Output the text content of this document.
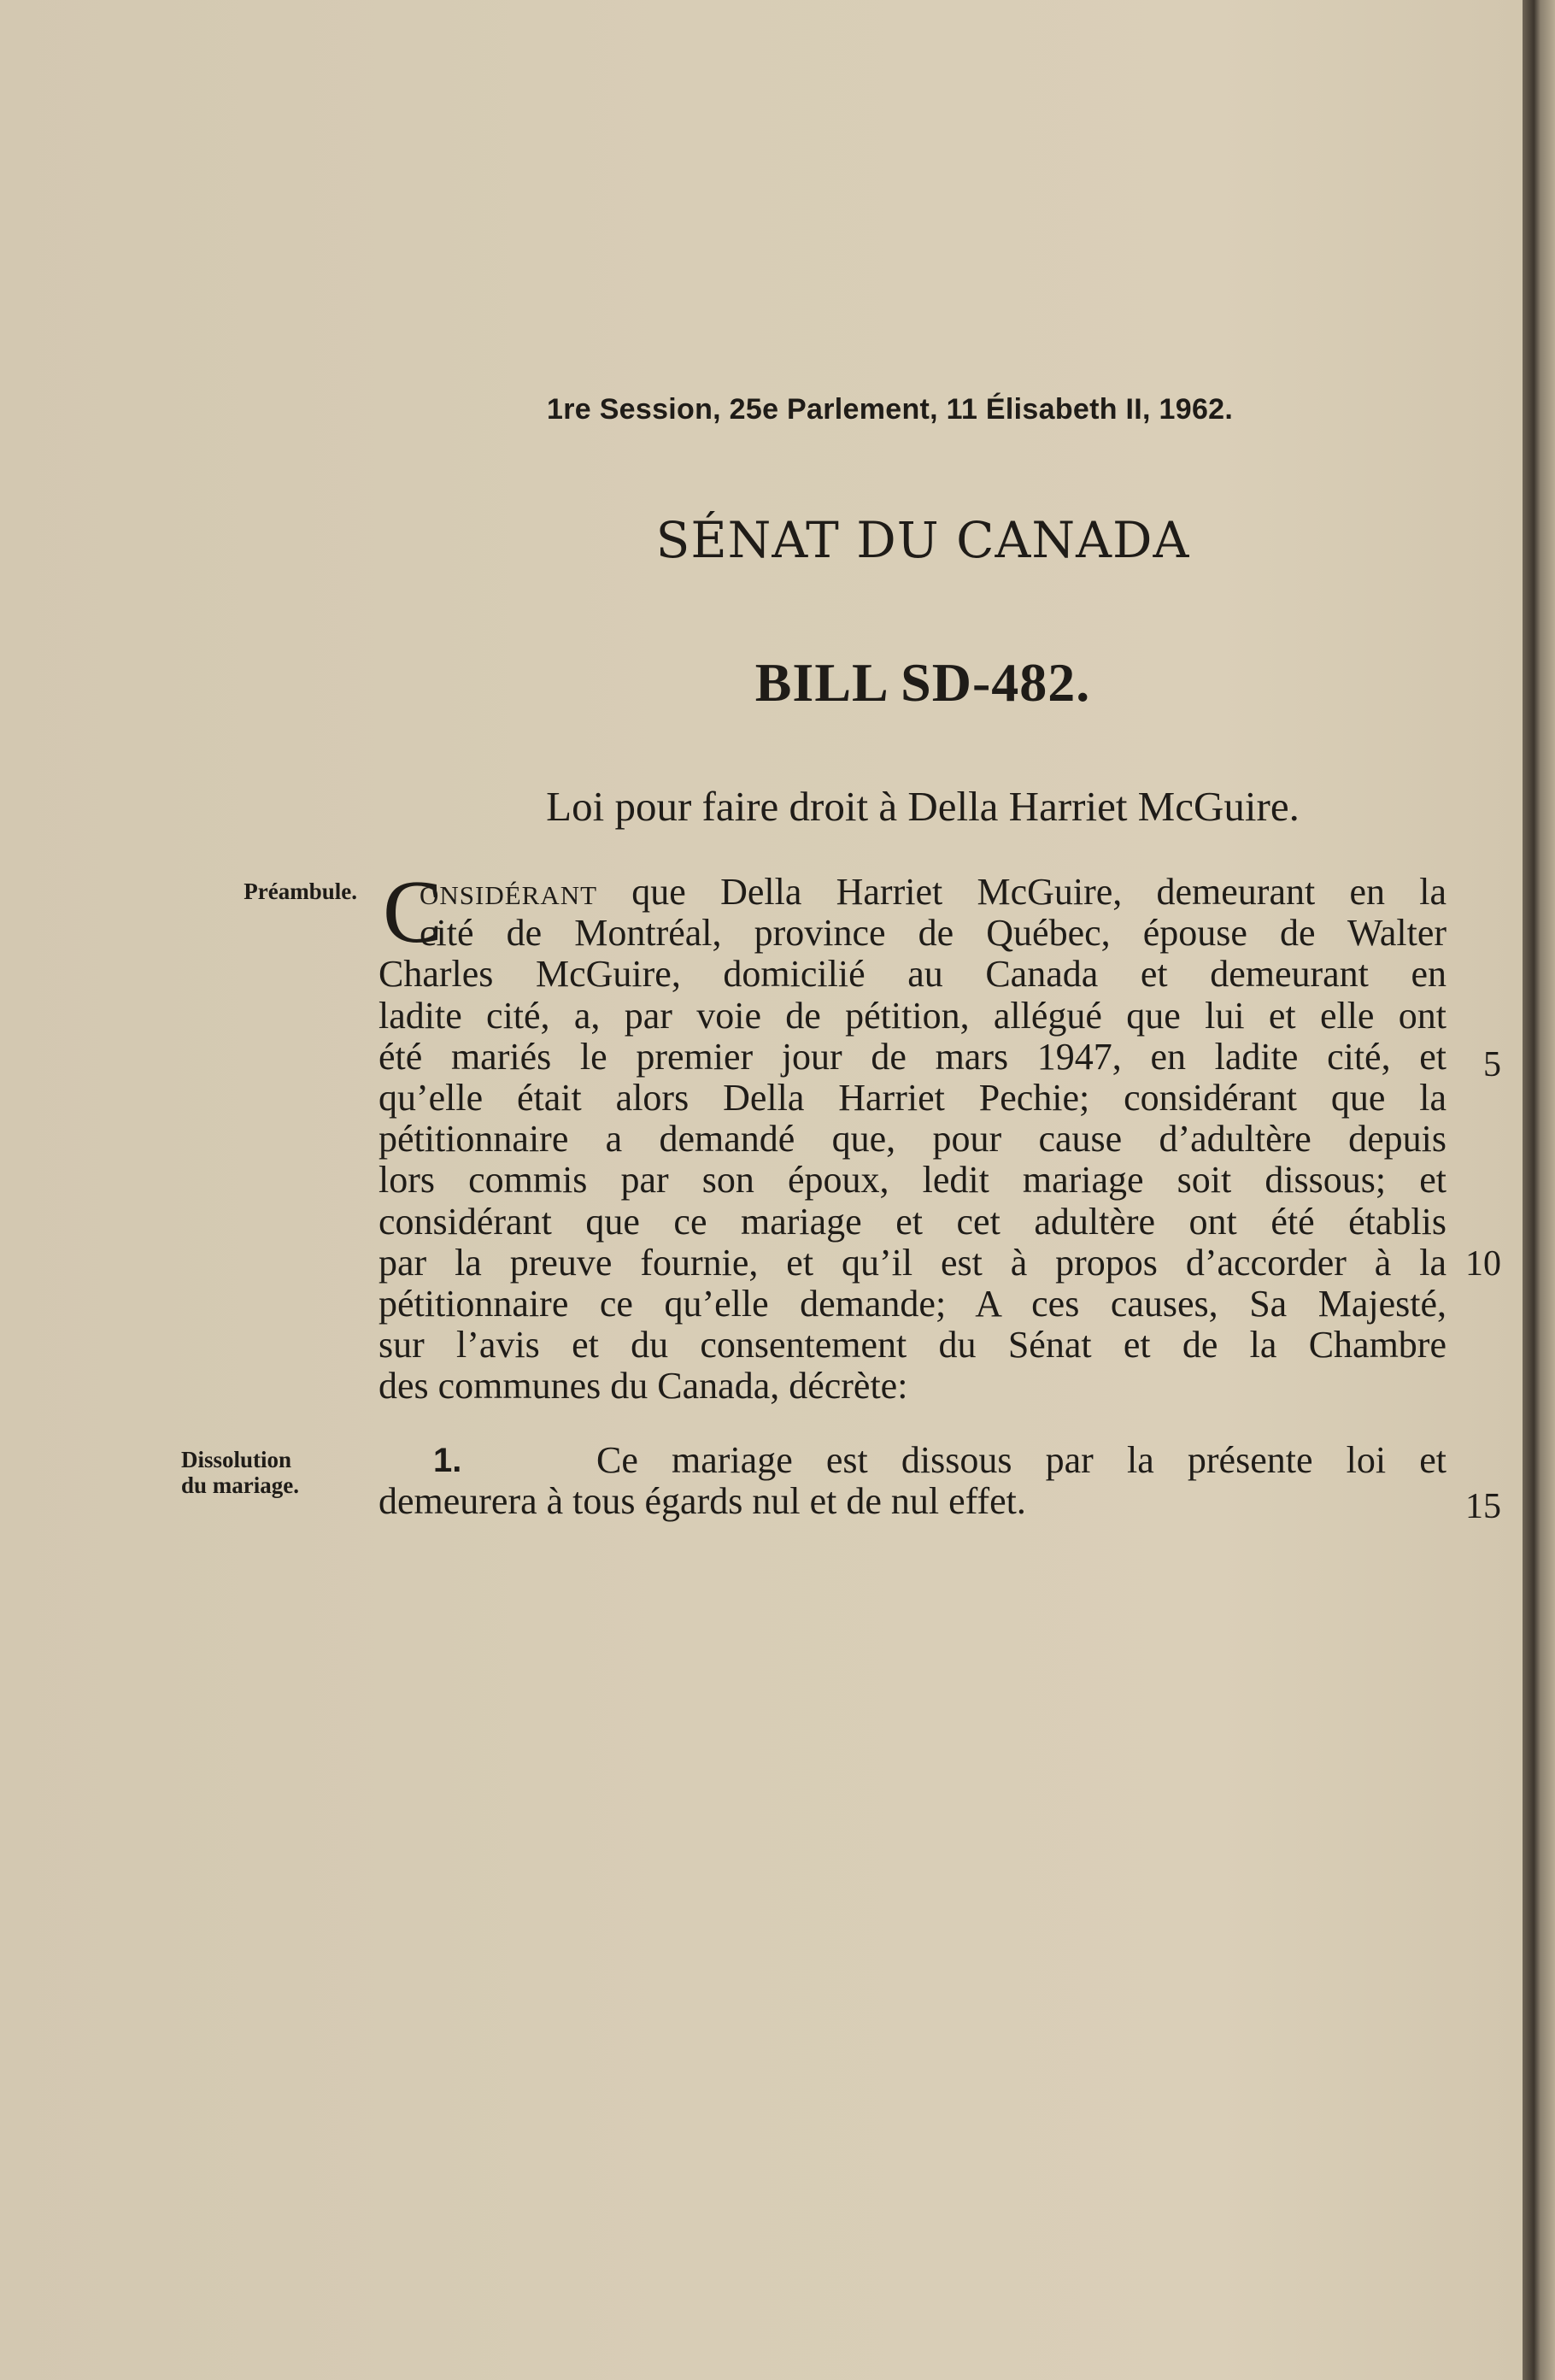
1re Session, 25e Parlement, 11 Élisabeth II, 1962.
SÉNAT DU CANADA
BILL SD-482.
Loi pour faire droit à Della Harriet McGuire.
Préambule.
Dissolution
du mariage.
C
onsidérant que Della Harriet McGuire, demeurant en la
cité de Montréal, province de Québec, épouse de Walter
Charles McGuire, domicilié au Canada et demeurant en
ladite cité, a, par voie de pétition, allégué que lui et elle ont
été mariés le premier jour de mars 1947, en ladite cité, et
qu’elle était alors Della Harriet Pechie; considérant que la
pétitionnaire a demandé que, pour cause d’adultère depuis
lors commis par son époux, ledit mariage soit dissous; et
considérant que ce mariage et cet adultère ont été établis
par la preuve fournie, et qu’il est à propos d’accorder à la
pétitionnaire ce qu’elle demande; A ces causes, Sa Majesté,
sur l’avis et du consentement du Sénat et de la Chambre
des communes du Canada, décrète:
1.	Ce mariage est dissous par la présente loi et
demeurera à tous égards nul et de nul effet.
5
10
15
